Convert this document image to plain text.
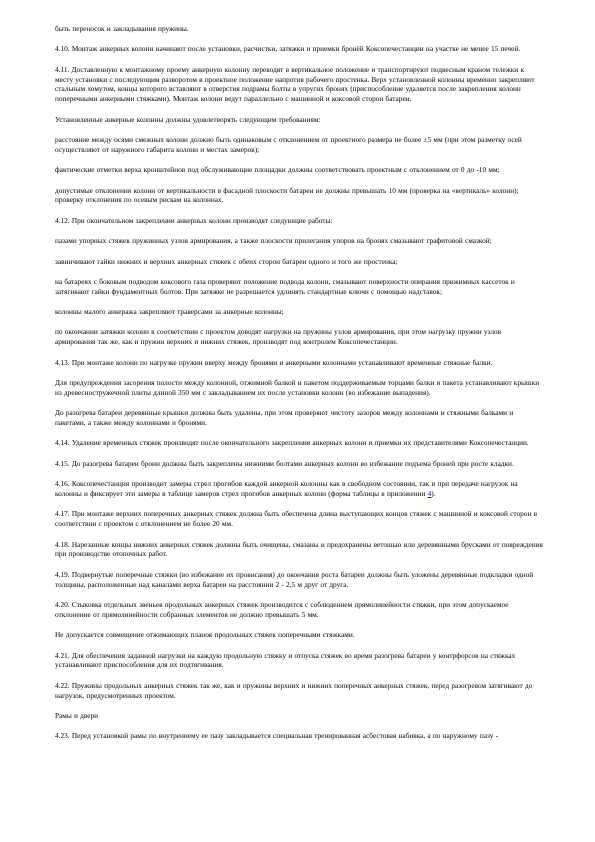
быть переносок и закладывания пружины.

4.10. Монтаж анкерных колонн начинают после установки, расчистки, затяжки и приемки бронёй Коксопечестанции на участке не менее 15 печей.

4.11. Доставленную к монтажному проему анкерную колонну переводят в вертикальное положение и транспортируют подвесным краном тележки к месту установки с последующим разворотом в проектное положение напротив рабочего простенка. Верх установленной колонны временно закрепляют стальным хомутом, концы которого вставляют в отверстия подрамы болты в упругих бронях (приспособление удаляется после закрепления колонн поперечными анкерными стяжками). Монтаж колонн ведут параллельно с машинной и коксовой сторон батареи.

Установленные анкерные колонны должны удовлетворять следующим требованиям:

расстояние между осями смежных колонн должно быть одинаковым с отклонением от проектного размера не более ±5 мм (при этом разметку осей осуществляют от наружного габарита колонн и местах замеров);

фактические отметки верха кронштейнов под обслуживающие площадки должны соответствовать проектным с отклонением от 0 до -10 мм;

допустимые отклонения колонн от вертикальности в фасадной плоскости батареи не должны превышать 10 мм (проверка на «вертикаль» колонн); проверку отклонения по осевым рискам на колоннах.

4.12. При окончательном закреплении анкерных колонн производят следующие работы:

пазами упорных стяжек пружинных узлов армирования, а также плоскости прилегания упоров на бронях смазывают графитовой смазкой;

завинчивают гайки нижних и верхних анкерных стяжек с обеих сторон батареи одного и того же простенка;

на батареях с боковым подводом коксового газа проверяют положение подвода колонн, смазывают поверхности опирания прижимных кассеток и затягивают гайки фундаментных болтов. При затяжке не разрешается удлинять стандартные ключи с помощью надставок;

колонны малого анкеража закрепляют траверсами за анкерные колонны;

по окончании затяжки колонн в соответствии с проектом доводят нагрузки на пружины узлов армирования, при этом нагрузку пружин узлов армирования так же, как и пружин верхних и нижних стяжек, производят под контролем Коксопечестанции.

4.13. При монтаже колонн по нагрузке пружин вверху между бронями и анкерными колоннами устанавливают временные стяжные балки.

Для предупреждения засорения полости между колонной, отжимной балкой и пакетом поддерживаемым торцами балки и пакета устанавливают крышки из древесностружечной плиты длиной 350 мм с закладыванием их после установки колонн (во избежание выпадения).

До разогрева батареи деревянные крышки должны быть удалены, при этом проверяют чистоту зазоров между колоннами и стяжными балками и пакетами, а также между колоннами и бронями.

4.14. Удаление временных стяжек производят после окончательного закрепления анкерных колонн и приемки их представителями Коксопечестанции.

4.15. До разогрева батареи брони должны быть закреплены нижними болтами анкерных колонн во избежание подъема броней при росте кладки.

4.16. Коксопечестанция производит замеры стрел прогибов каждой анкерной колонны как в свободном состоянии, так и при передаче нагрузок на колонны и фиксирует эти замеры в таблице замеров стрел прогибов анкерных колонн (форма таблицы в приложении 4).

4.17. При монтаже верхних поперечных анкерных стяжек должна быть обеспечена длина выступающих концов стяжек с машинной и коксовой сторон в соответствии с проектом с отклонением не более 20 мм.

4.18. Нарезанные концы нижних анкерных стяжек должны быть очищены, смазаны и предохранены ветошью или деревянными брусками от повреждения при производстве отопочных работ.

4.19. Подвернутые поперечные стяжки (во избежание их провисания) до окончания роста батареи должны быть уложены деревянные подкладки одной толщины, расположенные над каналами верха батареи на расстоянии 2 - 2,5 м друг от друга.

4.20. Стыковка отдельных звеньев продольных анкерных стяжек производится с соблюдением прямолинейности стяжки, при этом допускаемое отклонение от прямолинейности собранных элементов не должно превышать 5 мм.

Не допускается совмещение отжимающих планок продольных стяжек поперечными стяжками.

4.21. Для обеспечения заданной нагрузки на каждую продольную стяжку и отпуска стяжек во время разогрева батареи у контрфорсов на стяжках устанавливают приспособления для их подтягивания.

4.22. Пружины продольных анкерных стяжек так же, как и пружины верхних и нижних поперечных анкерных стяжек, перед разогревом затягивают до нагрузок, предусмотренных проектом.

Рамы и двери

4.23. Перед установкой рамы по внутреннему ее пазу закладывается специальная тренированная асбестовая набивка, а по наружному пазу -
